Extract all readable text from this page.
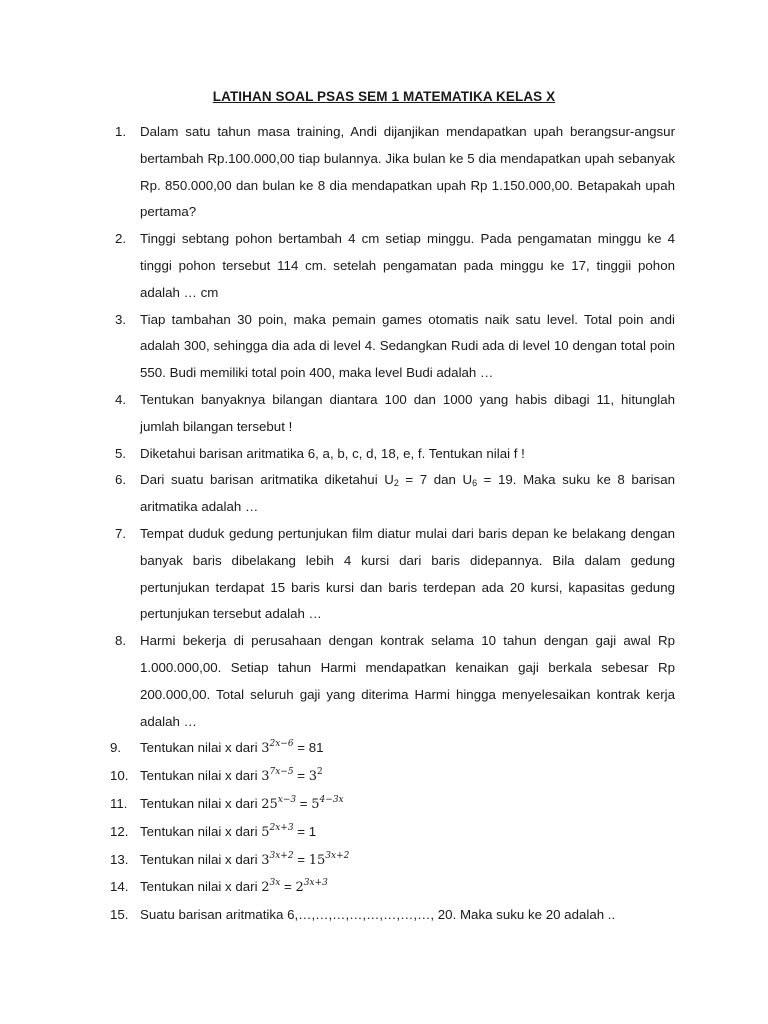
LATIHAN SOAL PSAS SEM 1 MATEMATIKA KELAS X
1.	Dalam satu tahun masa training, Andi dijanjikan mendapatkan upah berangsur-angsur bertambah Rp.100.000,00 tiap bulannya. Jika bulan ke 5 dia mendapatkan upah sebanyak Rp. 850.000,00 dan bulan ke 8 dia mendapatkan upah Rp 1.150.000,00. Betapakah upah pertama?
2.	Tinggi sebtang pohon bertambah 4 cm setiap minggu. Pada pengamatan minggu ke 4 tinggi pohon tersebut 114 cm. setelah pengamatan pada minggu ke 17, tinggii pohon adalah … cm
3.	Tiap tambahan 30 poin, maka pemain games otomatis naik satu level. Total poin andi adalah 300, sehingga dia ada di level 4. Sedangkan Rudi ada di level 10 dengan total poin 550. Budi memiliki total poin 400, maka level Budi adalah …
4.	Tentukan banyaknya bilangan diantara 100 dan 1000 yang habis dibagi 11, hitunglah jumlah bilangan tersebut !
5.	Diketahui barisan aritmatika 6, a, b, c, d, 18, e, f. Tentukan nilai f !
6.	Dari suatu barisan aritmatika diketahui $U_2 = 7$ dan $U_6 = 19$. Maka suku ke 8 barisan aritmatika adalah …
7.	Tempat duduk gedung pertunjukan film diatur mulai dari baris depan ke belakang dengan banyak baris dibelakang lebih 4 kursi dari baris didepannya. Bila dalam gedung pertunjukan terdapat 15 baris kursi dan baris terdepan ada 20 kursi, kapasitas gedung pertunjukan tersebut adalah …
8.	Harmi bekerja di perusahaan dengan kontrak selama 10 tahun dengan gaji awal Rp 1.000.000,00. Setiap tahun Harmi mendapatkan kenaikan gaji berkala sebesar Rp 200.000,00. Total seluruh gaji yang diterima Harmi hingga menyelesaikan kontrak kerja adalah …
9.	Tentukan nilai x dari $3^{2x-6} = 81$
10. Tentukan nilai x dari $3^{7x-5} = 3^2$
11. Tentukan nilai x dari $25^{x-3} = 5^{4-3x}$
12. Tentukan nilai x dari $5^{2x+3} = 1$
13. Tentukan nilai x dari $3^{3x+2} = 15^{3x+2}$
14. Tentukan nilai x dari $2^{3x} = 2^{3x+3}$
15. Suatu barisan aritmatika 6,…,…,…,…,…,…,…,…, 20. Maka suku ke 20 adalah ..
